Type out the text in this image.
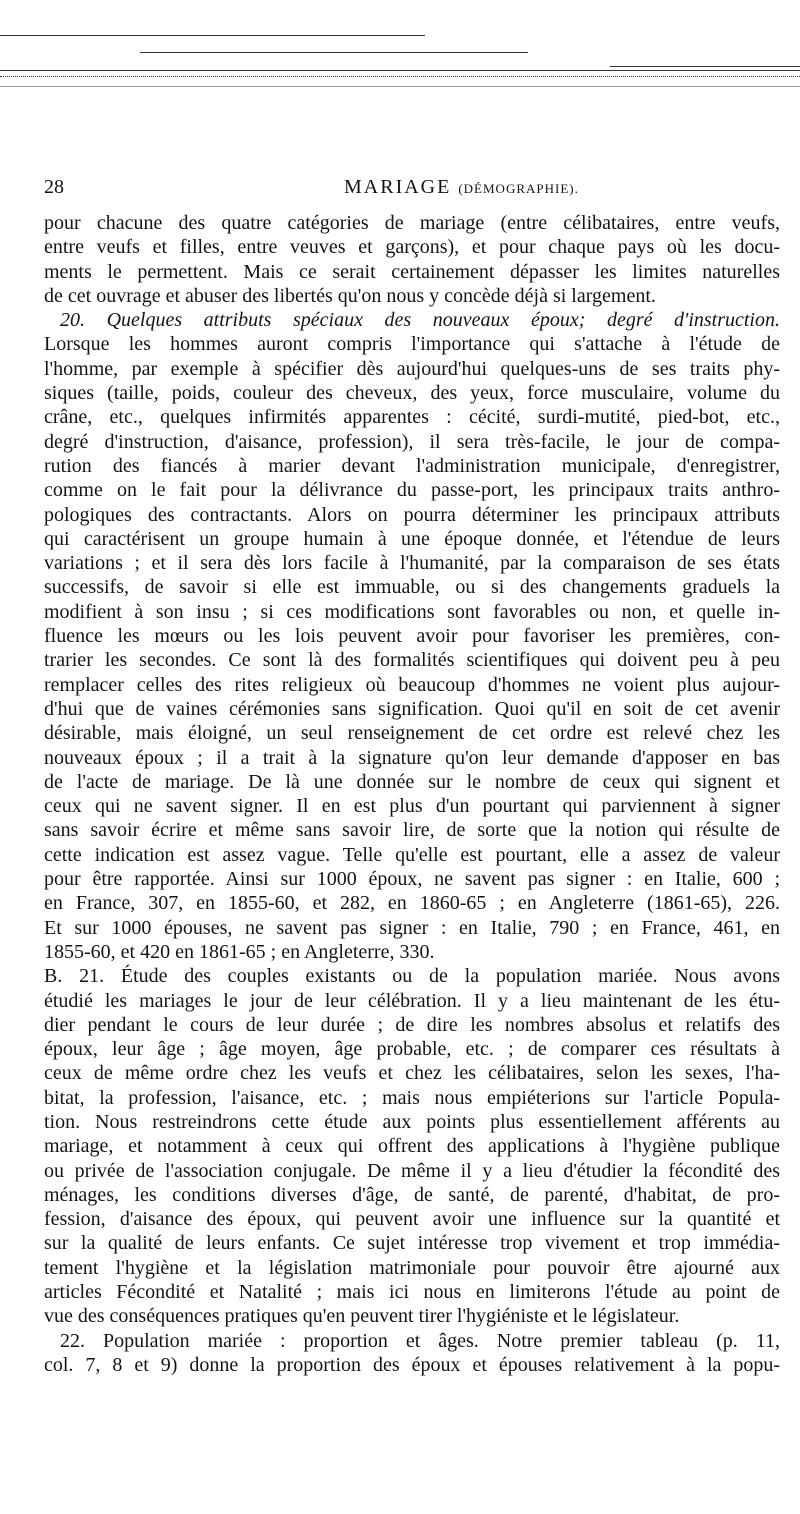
28	MARIAGE (DÉMOGRAPHIE).
pour chacune des quatre catégories de mariage (entre célibataires, entre veufs,
entre veufs et filles, entre veuves et garçons), et pour chaque pays où les docu-
ments le permettent. Mais ce serait certainement dépasser les limites naturelles
de cet ouvrage et abuser des libertés qu'on nous y concède déjà si largement.
20. Quelques attributs spéciaux des nouveaux époux; degré d'instruction.
Lorsque les hommes auront compris l'importance qui s'attache à l'étude de
l'homme, par exemple à spécifier dès aujourd'hui quelques-uns de ses traits phy-
siques (taille, poids, couleur des cheveux, des yeux, force musculaire, volume du
crâne, etc., quelques infirmités apparentes : cécité, surdi-mutité, pied-bot, etc.,
degré d'instruction, d'aisance, profession), il sera très-facile, le jour de compa-
rution des fiancés à marier devant l'administration municipale, d'enregistrer,
comme on le fait pour la délivrance du passe-port, les principaux traits anthro-
pologiques des contractants. Alors on pourra déterminer les principaux attributs
qui caractérisent un groupe humain à une époque donnée, et l'étendue de leurs
variations ; et il sera dès lors facile à l'humanité, par la comparaison de ses états
successifs, de savoir si elle est immuable, ou si des changements graduels la
modifient à son insu ; si ces modifications sont favorables ou non, et quelle in-
fluence les mœurs ou les lois peuvent avoir pour favoriser les premières, con-
trarier les secondes. Ce sont là des formalités scientifiques qui doivent peu à peu
remplacer celles des rites religieux où beaucoup d'hommes ne voient plus aujour-
d'hui que de vaines cérémonies sans signification. Quoi qu'il en soit de cet avenir
désirable, mais éloigné, un seul renseignement de cet ordre est relevé chez les
nouveaux époux ; il a trait à la signature qu'on leur demande d'apposer en bas
de l'acte de mariage. De là une donnée sur le nombre de ceux qui signent et
ceux qui ne savent signer. Il en est plus d'un pourtant qui parviennent à signer
sans savoir écrire et même sans savoir lire, de sorte que la notion qui résulte de
cette indication est assez vague. Telle qu'elle est pourtant, elle a assez de valeur
pour être rapportée. Ainsi sur 1000 époux, ne savent pas signer : en Italie, 600 ;
en France, 307, en 1855-60, et 282, en 1860-65 ; en Angleterre (1861-65), 226.
Et sur 1000 épouses, ne savent pas signer : en Italie, 790 ; en France, 461, en
1855-60, et 420 en 1861-65 ; en Angleterre, 330.
B. 21. Étude des couples existants ou de la population mariée. Nous avons
étudié les mariages le jour de leur célébration. Il y a lieu maintenant de les étu-
dier pendant le cours de leur durée ; de dire les nombres absolus et relatifs des
époux, leur âge ; âge moyen, âge probable, etc. ; de comparer ces résultats à
ceux de même ordre chez les veufs et chez les célibataires, selon les sexes, l'ha-
bitat, la profession, l'aisance, etc. ; mais nous empiéterions sur l'article Popula-
tion. Nous restreindrons cette étude aux points plus essentiellement afférents au
mariage, et notamment à ceux qui offrent des applications à l'hygiène publique
ou privée de l'association conjugale. De même il y a lieu d'étudier la fécondité des
ménages, les conditions diverses d'âge, de santé, de parenté, d'habitat, de pro-
fession, d'aisance des époux, qui peuvent avoir une influence sur la quantité et
sur la qualité de leurs enfants. Ce sujet intéresse trop vivement et trop immédia-
tement l'hygiène et la législation matrimoniale pour pouvoir être ajourné aux
articles Fécondité et Natalité ; mais ici nous en limiterons l'étude au point de
vue des conséquences pratiques qu'en peuvent tirer l'hygiéniste et le législateur.
22. Population mariée : proportion et âges. Notre premier tableau (p. 11,
col. 7, 8 et 9) donne la proportion des époux et épouses relativement à la popu-
